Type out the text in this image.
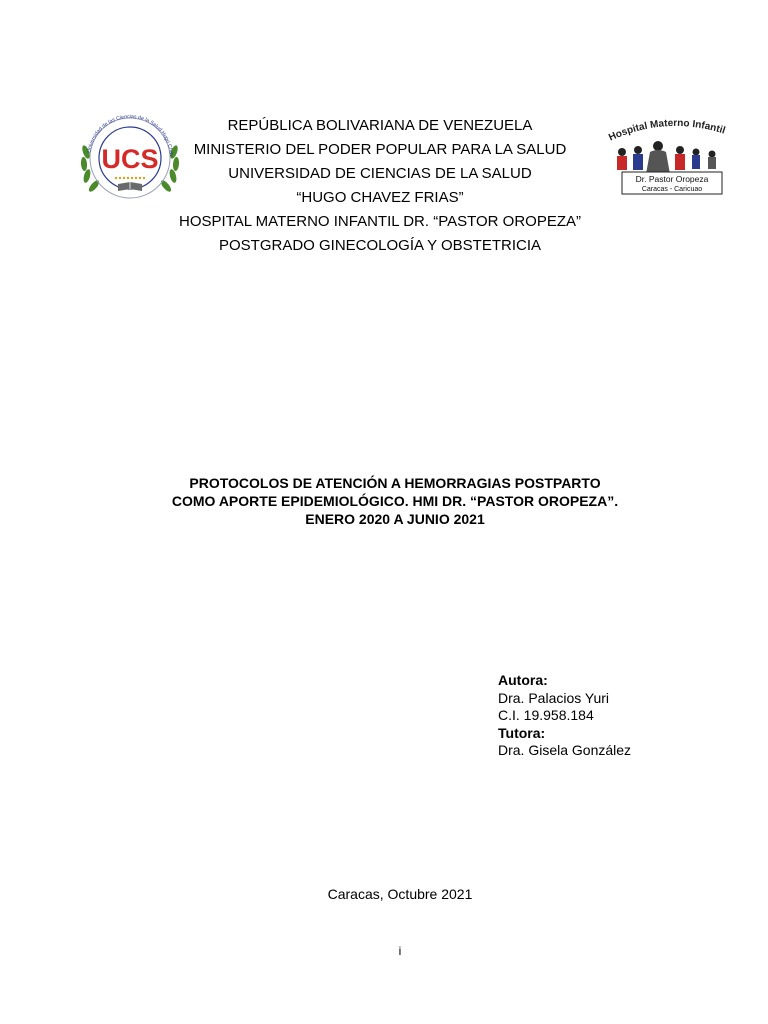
Universidad de las Ciencias de la Salud Hugo Cháv
UCS
REPÚBLICA BOLIVARIANA DE VENEZUELA
MINISTERIO DEL PODER POPULAR PARA LA SALUD
UNIVERSIDAD DE CIENCIAS DE LA SALUD
“HUGO CHAVEZ FRIAS”
HOSPITAL MATERNO INFANTIL DR. “PASTOR OROPEZA”
POSTGRADO GINECOLOGÍA Y OBSTETRICIA
Hospital Materno Infantil
Dr. Pastor Oropeza
Caracas - Caricuao
PROTOCOLOS DE ATENCIÓN A HEMORRAGIAS POSTPARTO
COMO APORTE EPIDEMIOLÓGICO. HMI DR. “PASTOR OROPEZA”.
ENERO 2020 A JUNIO 2021
Autora:
Dra. Palacios Yuri
C.I. 19.958.184
Tutora:
Dra. Gisela González
Caracas, Octubre 2021
i
